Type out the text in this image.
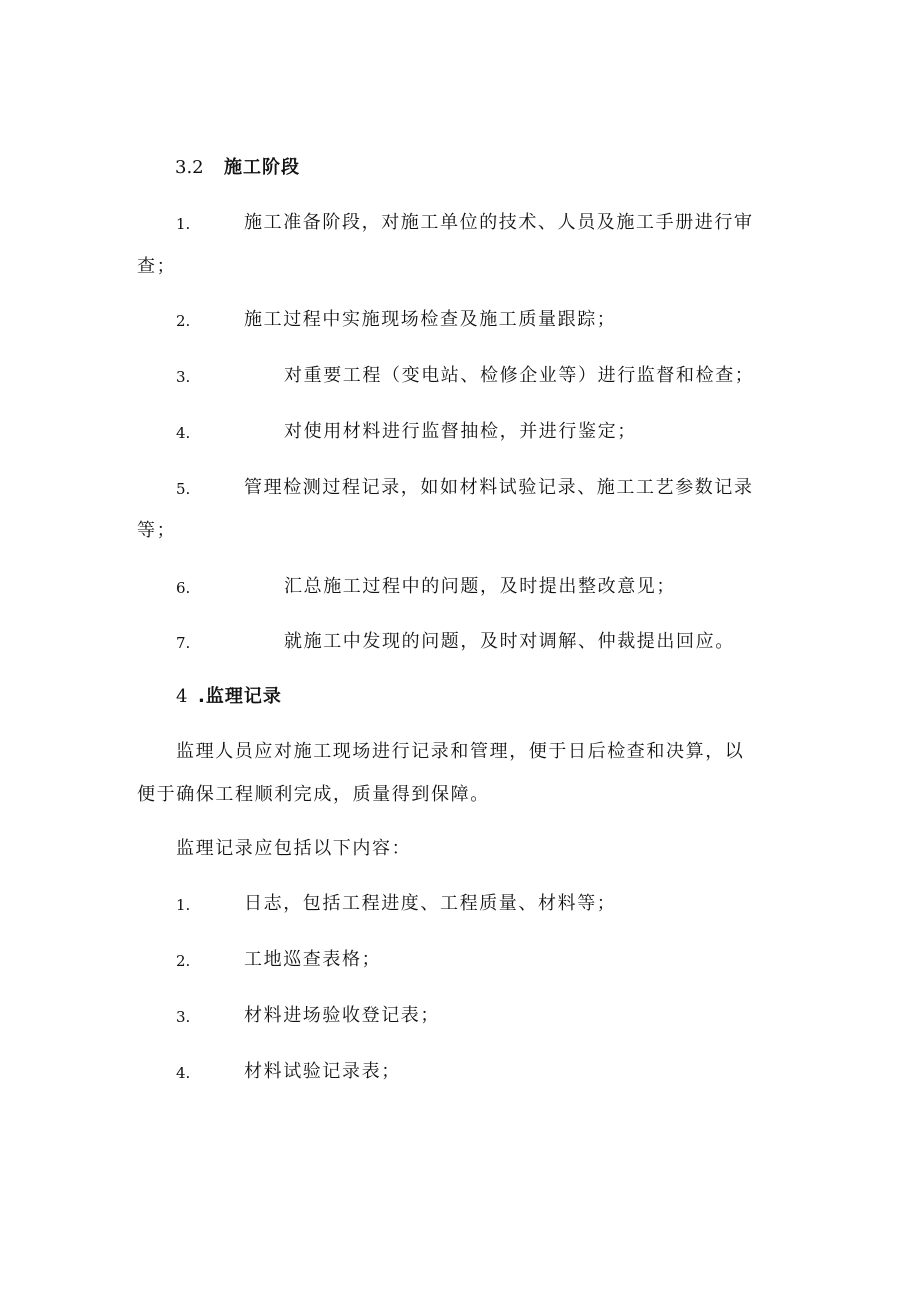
3.2 施工阶段
1.	施工准备阶段，对施工单位的技术、人员及施工手册进行审
查；
2.	施工过程中实施现场检查及施工质量跟踪；
3.	对重要工程（变电站、检修企业等）进行监督和检查；
4.	对使用材料进行监督抽检，并进行鉴定；
5.	管理检测过程记录，如如材料试验记录、施工工艺参数记录
等；
6.	汇总施工过程中的问题，及时提出整改意见；
7.	就施工中发现的问题，及时对调解、仲裁提出回应。
4 .监理记录
监理人员应对施工现场进行记录和管理，便于日后检查和决算，以
便于确保工程顺利完成，质量得到保障。
监理记录应包括以下内容：
1.	日志，包括工程进度、工程质量、材料等；
2.	工地巡查表格；
3.	材料进场验收登记表；
4.	材料试验记录表；
